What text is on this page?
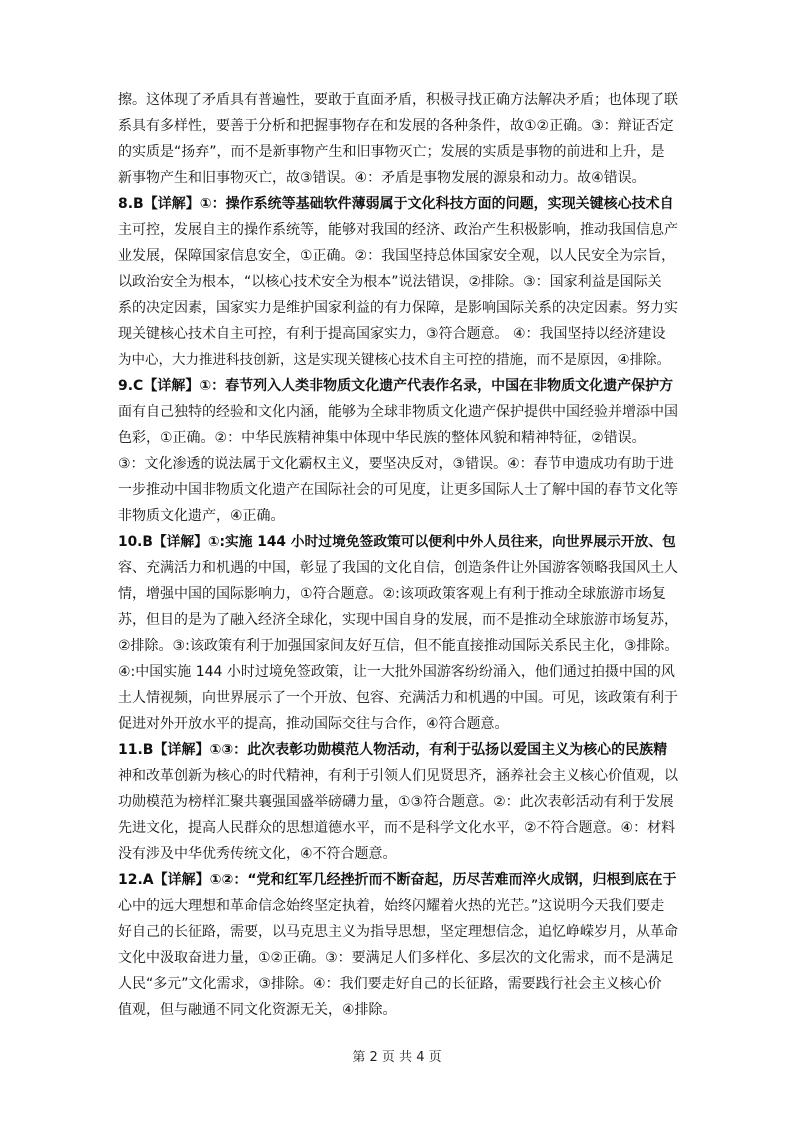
擦。这体现了矛盾具有普遍性，要敢于直面矛盾，积极寻找正确方法解决矛盾；也体现了联
系具有多样性，要善于分析和把握事物存在和发展的各种条件，故①②正确。③：辩证否定
的实质是“扬弃”，而不是新事物产生和旧事物灭亡；发展的实质是事物的前进和上升，是
新事物产生和旧事物灭亡，故③错误。④：矛盾是事物发展的源泉和动力。故④错误。
8.B【详解】①：操作系统等基础软件薄弱属于文化科技方面的问题，实现关键核心技术自
主可控，发展自主的操作系统等，能够对我国的经济、政治产生积极影响，推动我国信息产
业发展，保障国家信息安全，①正确。②：我国坚持总体国家安全观，以人民安全为宗旨，
以政治安全为根本，“以核心技术安全为根本”说法错误，②排除。③：国家利益是国际关
系的决定因素，国家实力是维护国家利益的有力保障，是影响国际关系的决定因素。努力实
现关键核心技术自主可控，有利于提高国家实力，③符合题意。 ④：我国坚持以经济建设
为中心，大力推进科技创新，这是实现关键核心技术自主可控的措施，而不是原因，④排除。
9.C【详解】①：春节列入人类非物质文化遗产代表作名录，中国在非物质文化遗产保护方
面有自己独特的经验和文化内涵，能够为全球非物质文化遗产保护提供中国经验并增添中国
色彩，①正确。②：中华民族精神集中体现中华民族的整体风貌和精神特征，②错误。
③：文化渗透的说法属于文化霸权主义，要坚决反对，③错误。④：春节申遗成功有助于进
一步推动中国非物质文化遗产在国际社会的可见度，让更多国际人士了解中国的春节文化等
非物质文化遗产，④正确。
10.B【详解】①:实施 144 小时过境免签政策可以便利中外人员往来，向世界展示开放、包
容、充满活力和机遇的中国，彰显了我国的文化自信，创造条件让外国游客领略我国风土人
情，增强中国的国际影响力，①符合题意。②:该项政策客观上有利于推动全球旅游市场复
苏，但目的是为了融入经济全球化，实现中国自身的发展，而不是推动全球旅游市场复苏，
②排除。③:该政策有利于加强国家间友好互信，但不能直接推动国际关系民主化，③排除。
④:中国实施 144 小时过境免签政策，让一大批外国游客纷纷涌入，他们通过拍摄中国的风
土人情视频，向世界展示了一个开放、包容、充满活力和机遇的中国。可见，该政策有利于
促进对外开放水平的提高，推动国际交往与合作，④符合题意。
11.B【详解】①③：此次表彰功勋模范人物活动，有利于弘扬以爱国主义为核心的民族精
神和改革创新为核心的时代精神，有利于引领人们见贤思齐，涵养社会主义核心价值观，以
功勋模范为榜样汇聚共襄强国盛举磅礴力量，①③符合题意。②：此次表彰活动有利于发展
先进文化，提高人民群众的思想道德水平，而不是科学文化水平，②不符合题意。④：材料
没有涉及中华优秀传统文化，④不符合题意。
12.A【详解】①②：“党和红军几经挫折而不断奋起，历尽苦难而淬火成钢，归根到底在于
心中的远大理想和革命信念始终坚定执着，始终闪耀着火热的光芒。”这说明今天我们要走
好自己的长征路，需要，以马克思主义为指导思想，坚定理想信念，追忆峥嵘岁月，从革命
文化中汲取奋进力量，①②正确。③：要满足人们多样化、多层次的文化需求，而不是满足
人民“多元”文化需求，③排除。④：我们要走好自己的长征路，需要践行社会主义核心价
值观，但与融通不同文化资源无关，④排除。
第 2 页 共 4 页
